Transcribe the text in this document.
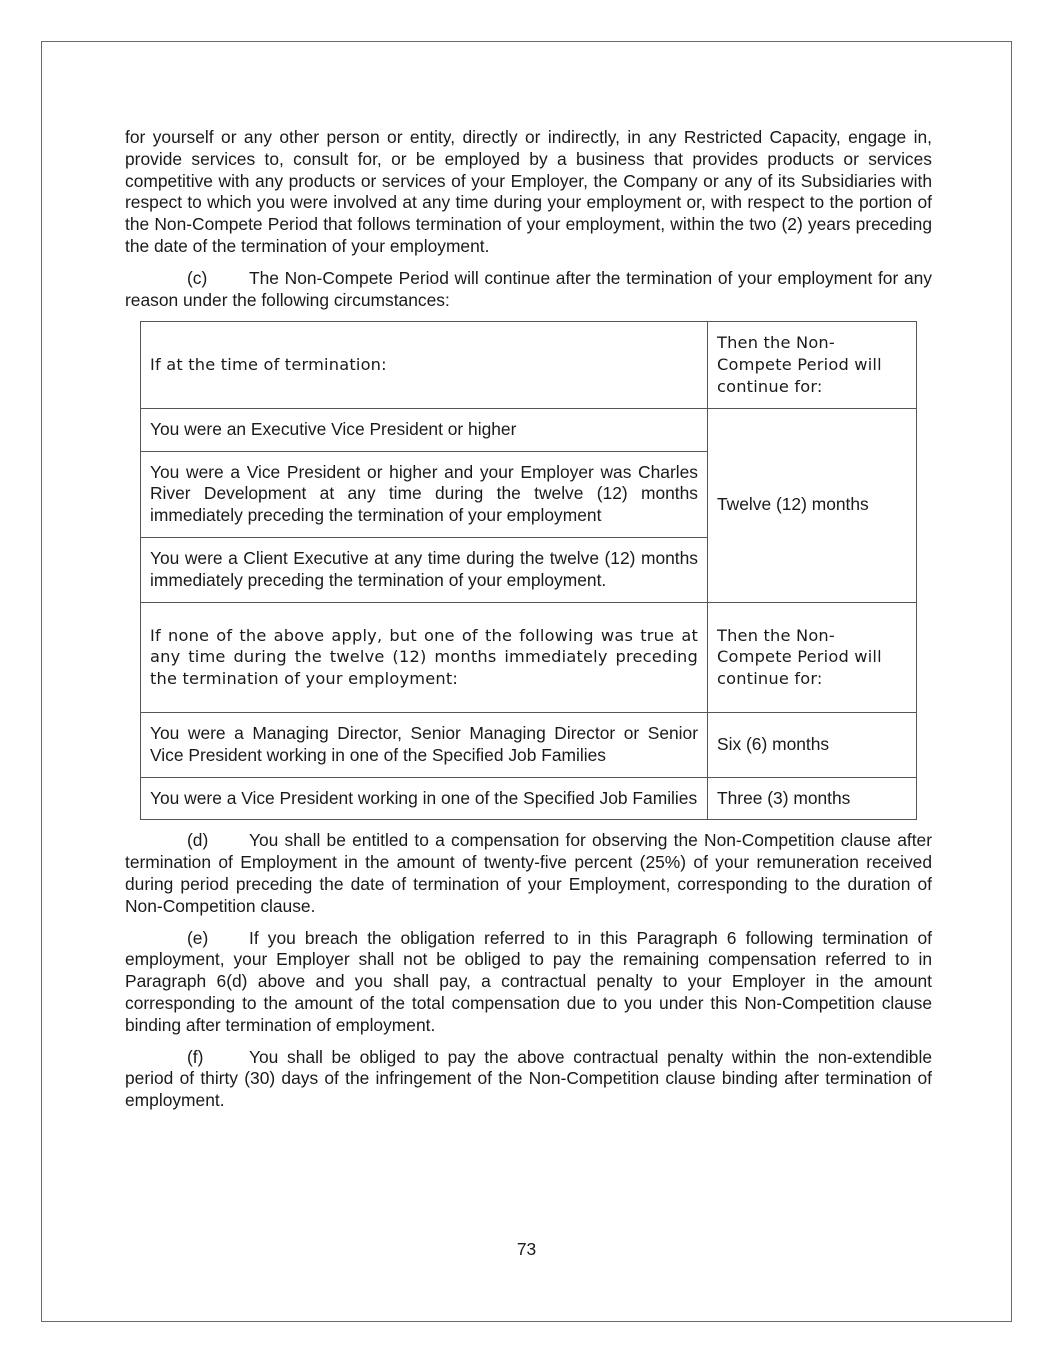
for yourself or any other person or entity, directly or indirectly, in any Restricted Capacity, engage in, provide services to, consult for, or be employed by a business that provides products or services competitive with any products or services of your Employer, the Company or any of its Subsidiaries with respect to which you were involved at any time during your employment or, with respect to the portion of the Non-Compete Period that follows termination of your employment, within the two (2) years preceding the date of the termination of your employment.

(c) The Non-Compete Period will continue after the termination of your employment for any reason under the following circumstances:

If at the time of termination:	Then the Non-Compete Period will continue for:
You were an Executive Vice President or higher	Twelve (12) months
You were a Vice President or higher and your Employer was Charles River Development at any time during the twelve (12) months immediately preceding the termination of your employment	
You were a Client Executive at any time during the twelve (12) months immediately preceding the termination of your employment.	
If none of the above apply, but one of the following was true at any time during the twelve (12) months immediately preceding the termination of your employment:	Then the Non-Compete Period will continue for:
You were a Managing Director, Senior Managing Director or Senior Vice President working in one of the Specified Job Families	Six (6) months
You were a Vice President working in one of the Specified Job Families	Three (3) months

(d) You shall be entitled to a compensation for observing the Non-Competition clause after termination of Employment in the amount of twenty-five percent (25%) of your remuneration received during period preceding the date of termination of your Employment, corresponding to the duration of Non-Competition clause.

(e) If you breach the obligation referred to in this Paragraph 6 following termination of employment, your Employer shall not be obliged to pay the remaining compensation referred to in Paragraph 6(d) above and you shall pay, a contractual penalty to your Employer in the amount corresponding to the amount of the total compensation due to you under this Non-Competition clause binding after termination of employment.

(f)	You shall be obliged to pay the above contractual penalty within the non-extendible period of thirty (30) days of the infringement of the Non-Competition clause binding after termination of employment.

73
